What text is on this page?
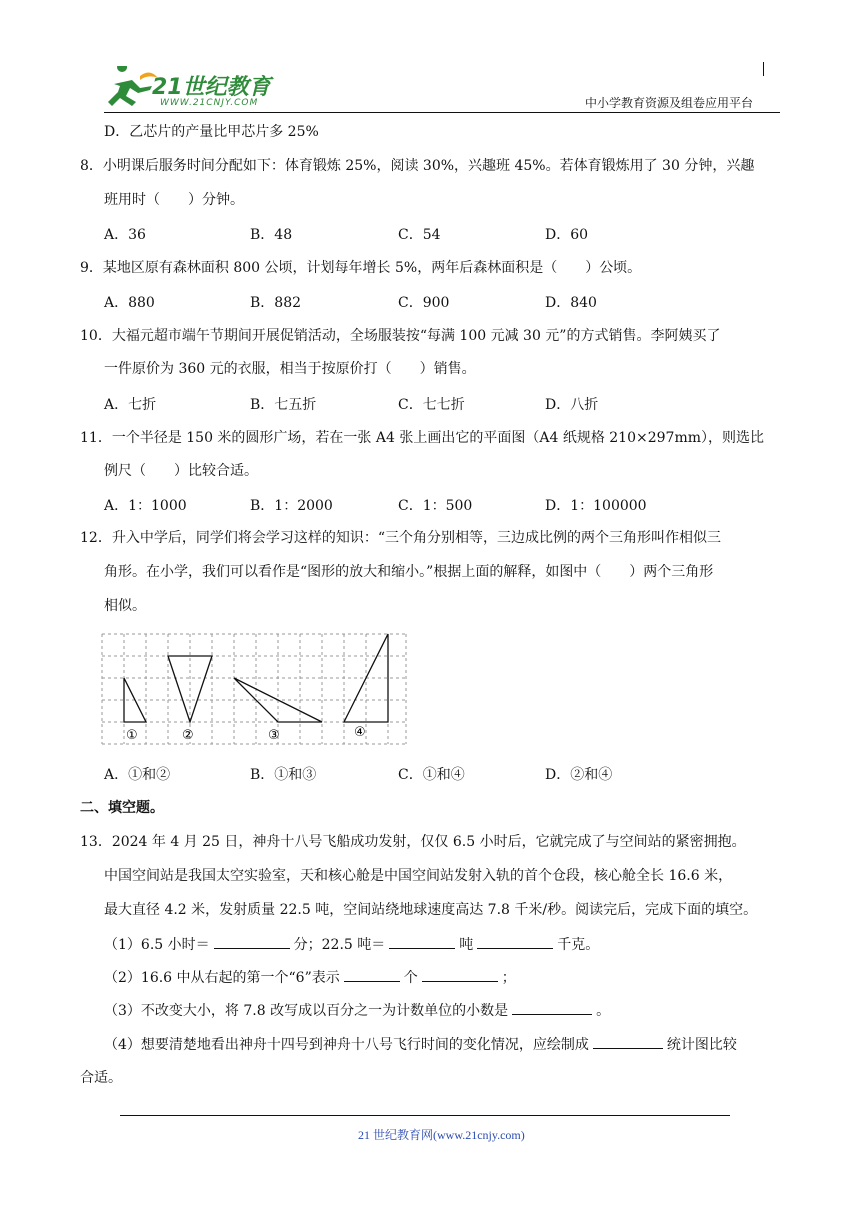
21世纪教育
WWW.21CNJY.COM	中小学教育资源及组卷应用平台
D．乙芯片的产量比甲芯片多 25%
8．小明课后服务时间分配如下：体育锻炼 25%，阅读 30%，兴趣班 45%。若体育锻炼用了 30 分钟，兴趣
班用时（　　）分钟。
A．36	B．48	C．54	D．60
9．某地区原有森林面积 800 公顷，计划每年增长 5%，两年后森林面积是（　　）公顷。
A．880	B．882	C．900	D．840
10．大福元超市端午节期间开展促销活动，全场服装按“每满 100 元减 30 元”的方式销售。李阿姨买了
一件原价为 360 元的衣服，相当于按原价打（　　）销售。
A．七折	B．七五折	C．七七折	D．八折
11．一个半径是 150 米的圆形广场，若在一张 A4 张上画出它的平面图（A4 纸规格 210×297mm），则选比
例尺（　　）比较合适。
A．1：1000	B．1：2000	C．1：500	D．1：100000
12．升入中学后，同学们将会学习这样的知识：“三个角分别相等，三边成比例的两个三角形叫作相似三
角形。在小学，我们可以看作是“图形的放大和缩小。”根据上面的解释，如图中（　　）两个三角形
相似。
①	②	③	④
A．①和②	B．①和③	C．①和④	D．②和④
二、填空题。
13．2024 年 4 月 25 日，神舟十八号飞船成功发射，仅仅 6.5 小时后，它就完成了与空间站的紧密拥抱。
中国空间站是我国太空实验室，天和核心舱是中国空间站发射入轨的首个仓段，核心舱全长 16.6 米，
最大直径 4.2 米，发射质量 22.5 吨，空间站绕地球速度高达 7.8 千米/秒。阅读完后，完成下面的填空。
（1）6.5 小时＝	分；22.5 吨＝	吨	千克。
（2）16.6 中从右起的第一个“6”表示	个	；
（3）不改变大小，将 7.8 改写成以百分之一为计数单位的小数是	。
（4）想要清楚地看出神舟十四号到神舟十八号飞行时间的变化情况，应绘制成	统计图比较
合适。
21 世纪教育网(www.21cnjy.com)
